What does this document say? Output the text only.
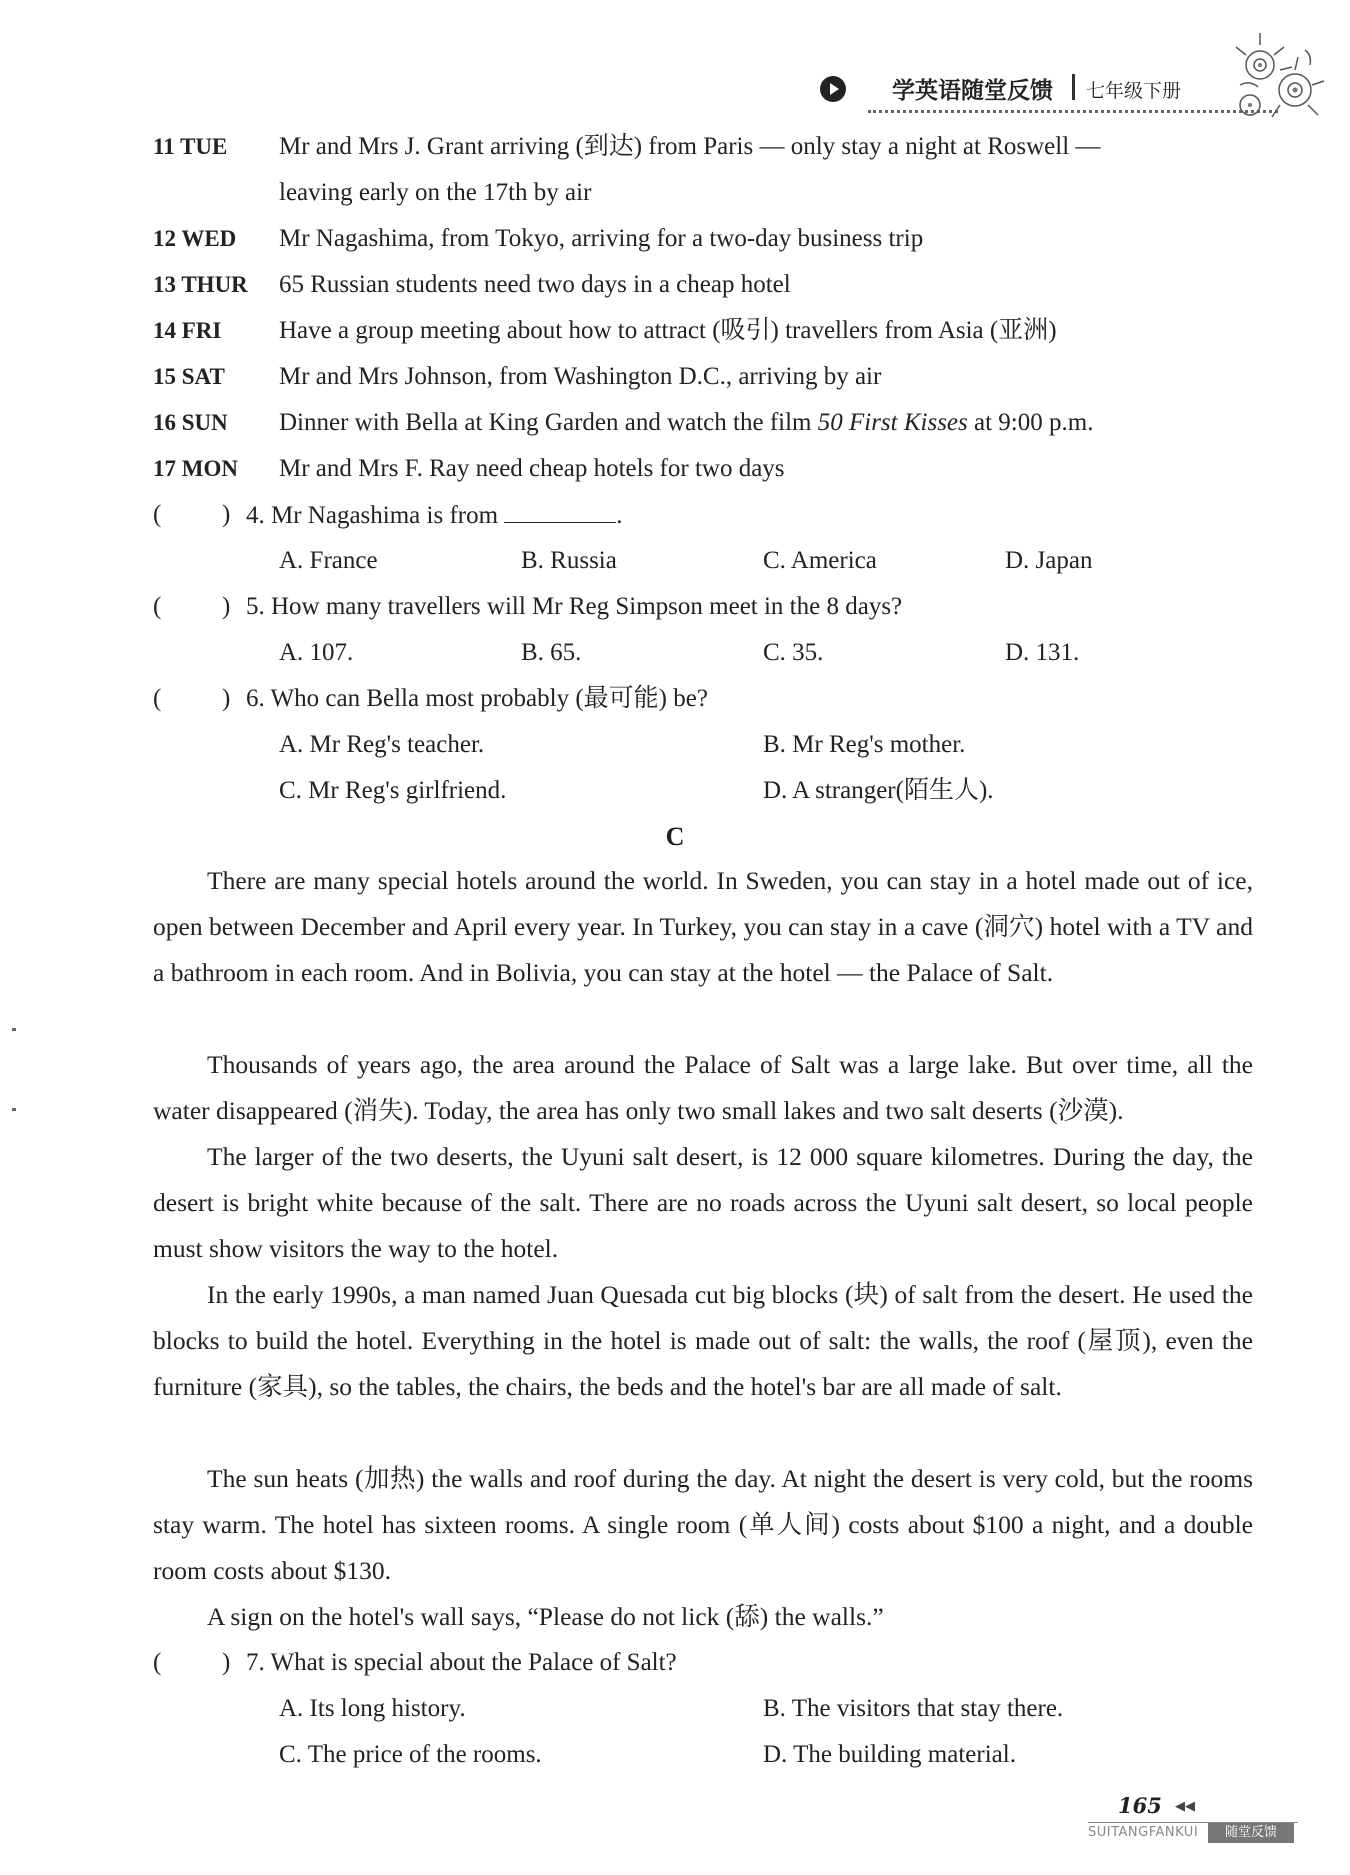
学英语随堂反馈 七年级下册
11 TUE Mr and Mrs J. Grant arriving (到达) from Paris — only stay a night at Roswell —
leaving early on the 17th by air
12 WED Mr Nagashima, from Tokyo, arriving for a two-day business trip
13 THUR 65 Russian students need two days in a cheap hotel
14 FRI Have a group meeting about how to attract (吸引) travellers from Asia (亚洲)
15 SAT Mr and Mrs Johnson, from Washington D.C., arriving by air
16 SUN Dinner with Bella at King Garden and watch the film 50 First Kisses at 9:00 p.m.
17 MON Mr and Mrs F. Ray need cheap hotels for two days
( ) 4. Mr Nagashima is from	.
A. France	B. Russia	C. America	D. Japan
( ) 5. How many travellers will Mr Reg Simpson meet in the 8 days?
A. 107.	B. 65.	C. 35.	D. 131.
( ) 6. Who can Bella most probably (最可能) be?
A. Mr Reg's teacher.	B. Mr Reg's mother.
C. Mr Reg's girlfriend.	D. A stranger(陌生人).
C

There are many special hotels around the world. In Sweden, you can stay in a hotel made out of ice, open between December and April every year. In Turkey, you can stay in a cave (洞穴) hotel with a TV and a bathroom in each room. And in Bolivia, you can stay at the hotel — the Palace of Salt.

Thousands of years ago, the area around the Palace of Salt was a large lake. But over time, all the water disappeared (消失). Today, the area has only two small lakes and two salt deserts (沙漠).

The larger of the two deserts, the Uyuni salt desert, is 12 000 square kilometres. During the day, the desert is bright white because of the salt. There are no roads across the Uyuni salt desert, so local people must show visitors the way to the hotel.

In the early 1990s, a man named Juan Quesada cut big blocks (块) of salt from the desert. He used the blocks to build the hotel. Everything in the hotel is made out of salt: the walls, the roof (屋顶), even the furniture (家具), so the tables, the chairs, the beds and the hotel's bar are all made of salt.

The sun heats (加热) the walls and roof during the day. At night the desert is very cold, but the rooms stay warm. The hotel has sixteen rooms. A single room (单人间) costs about $100 a night, and a double room costs about $130.

A sign on the hotel's wall says, “Please do not lick (舔) the walls.”

( ) 7. What is special about the Palace of Salt?
A. Its long history.	B. The visitors that stay there.
C. The price of the rooms.	D. The building material.
165 ◀◀
SUITANGFANKUI	随堂反馈
